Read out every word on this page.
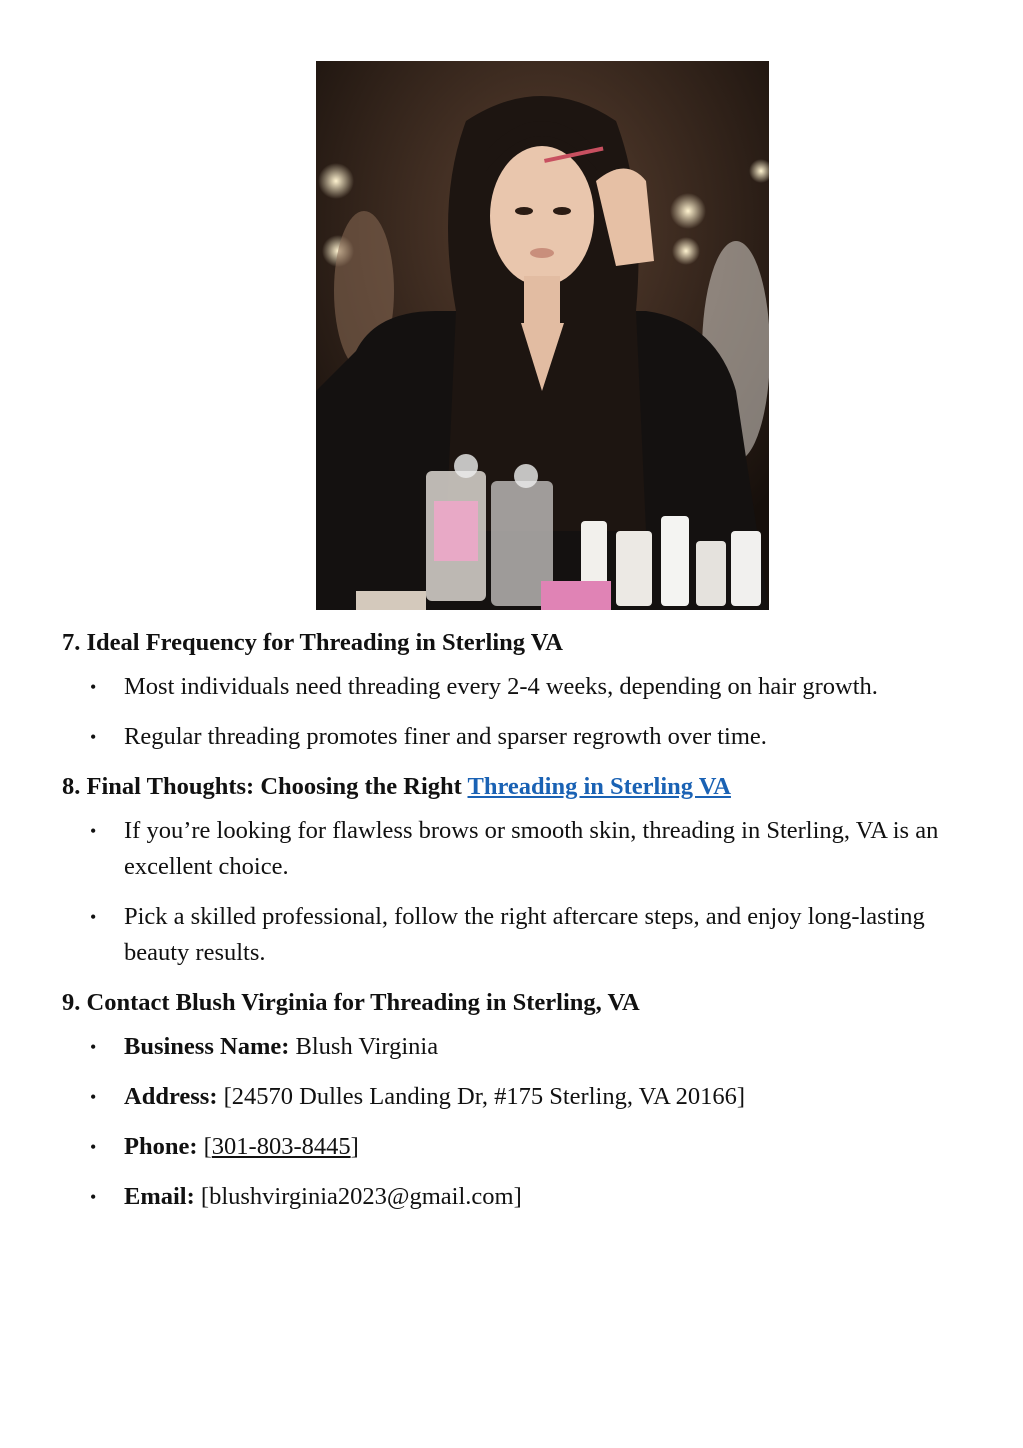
7. Ideal Frequency for Threading in Sterling VA
• Most individuals need threading every 2-4 weeks, depending on hair growth.
• Regular threading promotes finer and sparser regrowth over time.
8. Final Thoughts: Choosing the Right Threading in Sterling VA
• If you’re looking for flawless brows or smooth skin, threading in Sterling, VA is an excellent choice.
• Pick a skilled professional, follow the right aftercare steps, and enjoy long-lasting beauty results.
9. Contact Blush Virginia for Threading in Sterling, VA
• Business Name: Blush Virginia
• Address: [24570 Dulles Landing Dr, #175 Sterling, VA 20166]
• Phone: [301-803-8445]
• Email: [blushvirginia2023@gmail.com]
